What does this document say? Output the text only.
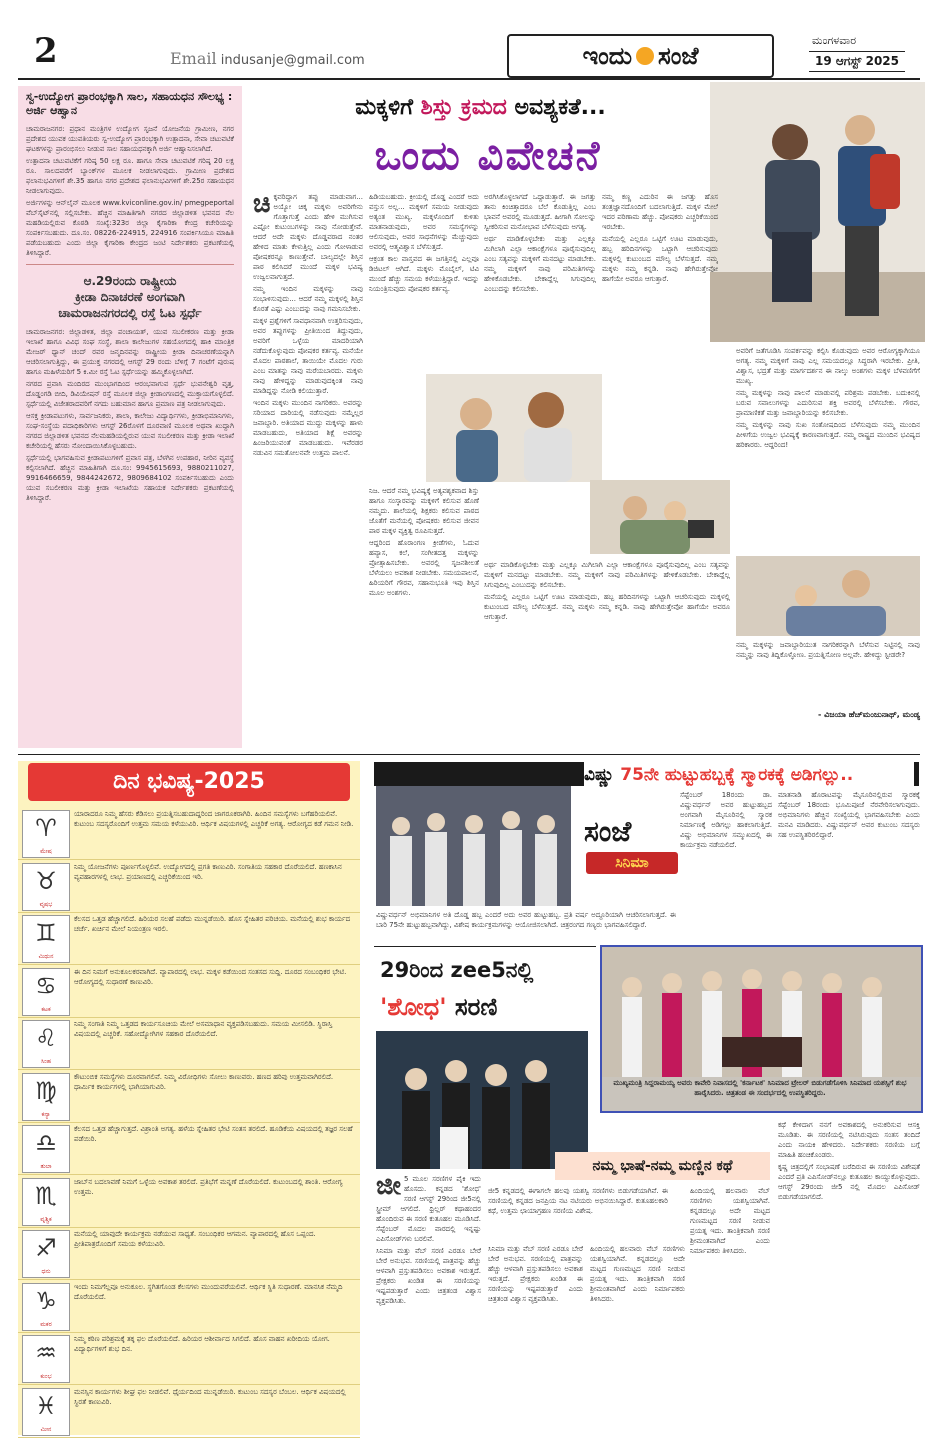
2	Email indusanje@gmail.com	ಇಂದು ಸಂಜೆ
ಮಂಗಳವಾರ
19 ಆಗಸ್ಟ್ 2025
ಸ್ವ-ಉದ್ಯೋಗ ಪ್ರಾರಂಭಕ್ಕಾಗಿ ಸಾಲ, ಸಹಾಯಧನ ಸೌಲಭ್ಯ : ಅರ್ಜಿ ಆಹ್ವಾನ

ಚಾಮರಾಜನಗರ: ಪ್ರಧಾನ ಮಂತ್ರಿಗಳ ಉದ್ಯೋಗ ಸೃಜನೆ ಯೋಜನೆಯ ಗ್ರಾಮೀಣ, ನಗರ ಪ್ರದೇಶದ ಯುವಕ ಯುವತಿಯರು ಸ್ವ-ಉದ್ಯೋಗ ಪ್ರಾರಂಭಕ್ಕಾಗಿ ಉತ್ಪಾದನಾ, ಸೇವಾ ಚಟುವಟಿಕೆ ಘಟಕಗಳನ್ನು ಪ್ರಾರಂಭಿಸಲು ನೀಡುವ ಸಾಲ ಸಹಾಯಧನಕ್ಕಾಗಿ ಅರ್ಜಿ ಆಹ್ವಾನಿಸಲಾಗಿದೆ.

ಉತ್ಪಾದನಾ ಚಟುವಟಿಕೆಗೆ ಗರಿಷ್ಠ 50 ಲಕ್ಷ ರೂ. ಹಾಗೂ ಸೇವಾ ಚಟುವಟಿಕೆ ಗರಿಷ್ಠ 20 ಲಕ್ಷ ರೂ. ಸಾಲದವರೆಗೆ ಬ್ಯಾಂಕ್‌ಗಳ ಮೂಲಕ ನೀಡಲಾಗುವುದು. ಗ್ರಾಮೀಣ ಪ್ರದೇಶದ ಫಲಾನುಭವಿಗಳಿಗೆ ಶೇ.35 ಹಾಗೂ ನಗರ ಪ್ರದೇಶದ ಫಲಾನುಭವಿಗಳಿಗೆ ಶೇ.25ರ ಸಹಾಯಧನ ನೀಡಲಾಗುವುದು.

ಅರ್ಜಿಗಳನ್ನು ಆನ್‌ಲೈನ್ ಮೂಲಕ www.kviconline.gov.in/ pmegpeportal ವೆಬ್‌ಸೈಟ್‌ನಲ್ಲಿ ಸಲ್ಲಿಸಬೇಕು. ಹೆಚ್ಚಿನ ಮಾಹಿತಿಗಾಗಿ ನಗರದ ಜಿಲ್ಲಾಡಳಿತ ಭವನದ ನೆಲ ಮಹಡಿಯಲ್ಲಿರುವ ಕೊಠಡಿ ಸಂಖ್ಯೆ:323ರ ಜಿಲ್ಲಾ ಕೈಗಾರಿಕಾ ಕೇಂದ್ರ ಕಚೇರಿಯನ್ನು ಸಂಪರ್ಕಿಸಬಹುದು. ದೂ.ಸಂ. 08226-224915, 224916 ಸಂಪರ್ಕಿಸಿಯೂ ಮಾಹಿತಿ ಪಡೆಯಬಹುದು ಎಂದು ಜಿಲ್ಲಾ ಕೈಗಾರಿಕಾ ಕೇಂದ್ರದ ಜಂಟಿ ನಿರ್ದೇಶಕರು ಪ್ರಕಟಣೆಯಲ್ಲಿ ತಿಳಿಸಿದ್ದಾರೆ.

ಆ.29ರಂದು ರಾಷ್ಟ್ರೀಯ
ಕ್ರೀಡಾ ದಿನಾಚರಣೆ ಅಂಗವಾಗಿ
ಚಾಮರಾಜನಗರದಲ್ಲಿ ರಸ್ತೆ ಓಟ ಸ್ಪರ್ಧೆ

ಚಾಮರಾಜನಗರ: ಜಿಲ್ಲಾಡಳಿತ, ಜಿಲ್ಲಾ ಪಂಚಾಯತ್, ಯುವ ಸಬಲೀಕರಣ ಮತ್ತು ಕ್ರೀಡಾ ಇಲಾಖೆ ಹಾಗೂ ವಿವಿಧ ಸಂಘ ಸಂಸ್ಥೆ, ಶಾಲಾ ಕಾಲೇಜುಗಳ ಸಹಯೋಗದಲ್ಲಿ ಹಾಕಿ ಮಾಂತ್ರಿಕ ಮೇಜರ್ ಧ್ಯಾನ್ ಚಂದ್ ರವರ ಜನ್ಮದಿನವನ್ನು ರಾಷ್ಟ್ರೀಯ ಕ್ರೀಡಾ ದಿನಾಚರಣೆಯನ್ನಾಗಿ ಆಚರಿಸಲಾಗುತ್ತಿದ್ದು, ಈ ಪ್ರಯುಕ್ತ ನಗರದಲ್ಲಿ ಆಗಸ್ಟ್ 29 ರಂದು ಬೆಳಿಗ್ಗೆ 7 ಗಂಟೆಗೆ ಪುರುಷ ಹಾಗೂ ಮಹಿಳೆಯರಿಗೆ 5 ಕಿ.ಮೀ ರಸ್ತೆ ಓಟ ಸ್ಪರ್ಧೆಯನ್ನು ಹಮ್ಮಿಕೊಳ್ಳಲಾಗಿದೆ.

ನಗರದ ಪ್ರವಾಸಿ ಮಂದಿರದ ಮುಂಭಾಗದಿಂದ ಆರಂಭವಾಗುವ ಸ್ಪರ್ಧೆ ಭುವನೇಶ್ವರಿ ವೃತ್ತ, ದೊಡ್ಡಂಗಡಿ ಬೀದಿ, ಡಿವಿಯೇಷನ್ ರಸ್ತೆ ಮೂಲಕ ಜಿಲ್ಲಾ ಕ್ರೀಡಾಂಗಣದಲ್ಲಿ ಮುಕ್ತಾಯಗೊಳ್ಳಲಿದೆ. ಸ್ಪರ್ಧೆಯಲ್ಲಿ ವಿಜೇತರಾದವರಿಗೆ ನಗದು ಬಹುಮಾನ ಹಾಗೂ ಪ್ರಮಾಣ ಪತ್ರ ನೀಡಲಾಗುವುದು.

ಆಸಕ್ತ ಕ್ರೀಡಾಪಟುಗಳು, ಸಾರ್ವಜನಿಕರು, ಶಾಲಾ, ಕಾಲೇಜು ವಿದ್ಯಾರ್ಥಿಗಳು, ಕ್ರೀಡಾಭಿಮಾನಿಗಳು, ಸಂಘ-ಸಂಸ್ಥೆಯ ಪದಾಧಿಕಾರಿಗಳು ಆಗಸ್ಟ್ 26ರೊಳಗೆ ದೂರವಾಣಿ ಮೂಲಕ ಅಥವಾ ಖುದ್ದಾಗಿ ನಗರದ ಜಿಲ್ಲಾಡಳಿತ ಭವನದ ನೆಲಮಹಡಿಯಲ್ಲಿರುವ ಯುವ ಸಬಲೀಕರಣ ಮತ್ತು ಕ್ರೀಡಾ ಇಲಾಖೆ ಕಚೇರಿಯಲ್ಲಿ ಹೆಸರು ನೋಂದಾಯಿಸಿಕೊಳ್ಳಬಹುದು.

ಸ್ಪರ್ಧೆಯಲ್ಲಿ ಭಾಗವಹಿಸುವ ಕ್ರೀಡಾಪಟುಗಳಿಗೆ ಪ್ರವಾಸ ಪತ್ರ, ಬೆಳಗಿನ ಉಪಹಾರ, ನೀರಿನ ವ್ಯವಸ್ಥೆ ಕಲ್ಪಿಸಲಾಗಿದೆ. ಹೆಚ್ಚಿನ ಮಾಹಿತಿಗಾಗಿ ದೂ.ಸಂ: 9945615693, 9880211027, 9916466659, 9844242672, 9809684102 ಸಂಪರ್ಕಿಸಬಹುದು ಎಂದು ಯುವ ಸಬಲೀಕರಣ ಮತ್ತು ಕ್ರೀಡಾ ಇಲಾಖೆಯ ಸಹಾಯಕ ನಿರ್ದೇಶಕರು ಪ್ರಕಟಣೆಯಲ್ಲಿ ತಿಳಿಸಿದ್ದಾರೆ.

ಮಕ್ಕಳಿಗೆ ಶಿಸ್ತು ಕ್ರಮದ ಅವಶ್ಯಕತೆ...
ಒಂದು ವಿವೇಚನೆ

ಚಿಕ್ಕವರಿದ್ದಾಗ ತಪ್ಪು ಮಾಡುವಾಗ... ಅಯ್ಯೋ ಚಿಕ್ಕ ಮಕ್ಕಳು ಅವರಿಗೇನು ಗೊತ್ತಾಗುತ್ತೆ ಎಂದು ಹೇಳಿ ಮುಗಿಸುವ ಎಷ್ಟೋ ಕುಟುಂಬಗಳನ್ನು ನಾವು ನೋಡುತ್ತೇವೆ. ಆದರೆ ಅದೇ ಮಕ್ಕಳು ದೊಡ್ಡವರಾದ ನಂತರ ಹೇಳಿದ ಮಾತು ಕೇಳುತ್ತಿಲ್ಲ ಎಂದು ಗೋಳಾಡುವ ಪೋಷಕರನ್ನೂ ಕಾಣುತ್ತೇವೆ. ಬಾಲ್ಯದಲ್ಲೇ ಶಿಸ್ತಿನ ಪಾಠ ಕಲಿಸಿದರೆ ಮುಂದೆ ಮಕ್ಕಳ ಭವಿಷ್ಯ ಉಜ್ವಲವಾಗುತ್ತದೆ.

ನಮ್ಮ ಇಂದಿನ ಮಕ್ಕಳನ್ನು ನಾವು ಸಂಭಾಳಿಸುವುದು... ಆದರೆ ನಮ್ಮ ಮಕ್ಕಳಲ್ಲಿ ಶಿಸ್ತಿನ ಕೊರತೆ ಎಷ್ಟು ಎಂಬುದನ್ನು ನಾವು ಗಮನಿಸಬೇಕು.

ಮಕ್ಕಳ ಪ್ರಶ್ನೆಗಳಿಗೆ ಸಾವಧಾನವಾಗಿ ಉತ್ತರಿಸುವುದು, ಅವರ ತಪ್ಪುಗಳನ್ನು ಪ್ರೀತಿಯಿಂದ ತಿದ್ದುವುದು, ಅವರಿಗೆ ಒಳ್ಳೆಯ ಮಾದರಿಯಾಗಿ ನಡೆದುಕೊಳ್ಳುವುದು ಪೋಷಕರ ಕರ್ತವ್ಯ. ಮನೆಯೇ ಮೊದಲ ಪಾಠಶಾಲೆ, ತಾಯಿಯೇ ಮೊದಲ ಗುರು ಎಂಬ ಮಾತನ್ನು ನಾವು ಮರೆಯಬಾರದು. ಮಕ್ಕಳು ನಾವು ಹೇಳಿದ್ದನ್ನು ಮಾಡುವುದಕ್ಕಿಂತ ನಾವು ಮಾಡಿದ್ದನ್ನು ನೋಡಿ ಕಲಿಯುತ್ತಾರೆ.

ಇಂದಿನ ಮಕ್ಕಳು ಮುಂದಿನ ನಾಗರಿಕರು. ಅವರನ್ನು ಸರಿಯಾದ ದಾರಿಯಲ್ಲಿ ನಡೆಸುವುದು ನಮ್ಮೆಲ್ಲರ ಜವಾಬ್ದಾರಿ. ಅತಿಯಾದ ಮುದ್ದು ಮಕ್ಕಳನ್ನು ಹಾಳು ಮಾಡಬಹುದು, ಅತಿಯಾದ ಶಿಕ್ಷೆ ಅವರನ್ನು ಹಿಂಜರಿಯುವಂತೆ ಮಾಡಬಹುದು. ಇವೆರಡರ ನಡುವಿನ ಸಮತೋಲನವೇ ಉತ್ತಮ ಪಾಲನೆ.

ಹಿಡಿಯಬಹುದು. ಕ್ರೀಯಲ್ಲಿ ದೊಡ್ಡ ಎಂದರೆ ಅದು ವಸ್ತುಸ ಅಲ್ಲ... ಮಕ್ಕಳಿಗೆ ಸಮಯ ನೀಡುವುದು ಅತ್ಯಂತ ಮುಖ್ಯ. ಮಕ್ಕಳೊಂದಿಗೆ ಕುಳಿತು ಮಾತನಾಡುವುದು, ಅವರ ಸಮಸ್ಯೆಗಳನ್ನು ಆಲಿಸುವುದು, ಅವರ ಸಾಧನೆಗಳನ್ನು ಮೆಚ್ಚುವುದು ಅವರಲ್ಲಿ ಆತ್ಮವಿಶ್ವಾಸ ಬೆಳೆಸುತ್ತದೆ.

ಆಕ್ರಂತ ಕಾಲ ವಾಸ್ತವದ ಈ ಜಗತ್ತಿನಲ್ಲಿ ಎಲ್ಲವೂ ಡಿಜಿಟಲ್ ಆಗಿದೆ. ಮಕ್ಕಳು ಮೊಬೈಲ್, ಟಿವಿ ಮುಂದೆ ಹೆಚ್ಚು ಸಮಯ ಕಳೆಯುತ್ತಿದ್ದಾರೆ. ಇದನ್ನು ನಿಯಂತ್ರಿಸುವುದು ಪೋಷಕರ ಕರ್ತವ್ಯ.

ನಿಜ. ಆದರೆ ನಮ್ಮ ಭವಿಷ್ಯಕ್ಕೆ ಅತ್ಯವಶ್ಯಕವಾದ ಶಿಸ್ತು ಹಾಗೂ ಸಂಸ್ಕಾರವನ್ನು ಮಕ್ಕಳಿಗೆ ಕಲಿಸುವ ಹೊಣೆ ನಮ್ಮದು. ಶಾಲೆಯಲ್ಲಿ ಶಿಕ್ಷಕರು ಕಲಿಸುವ ಪಾಠದ ಜೊತೆಗೆ ಮನೆಯಲ್ಲಿ ಪೋಷಕರು ಕಲಿಸುವ ಜೀವನ ಪಾಠ ಮಕ್ಕಳ ವ್ಯಕ್ತಿತ್ವ ರೂಪಿಸುತ್ತದೆ.

ಆದ್ದರಿಂದ ಹೊರಾಂಗಣ ಕ್ರೀಡೆಗಳು, ಓದುವ ಹವ್ಯಾಸ, ಕಲೆ, ಸಂಗೀತದತ್ತ ಮಕ್ಕಳನ್ನು ಪ್ರೋತ್ಸಾಹಿಸಬೇಕು. ಅವರಲ್ಲಿ ಸೃಜನಶೀಲತೆ ಬೆಳೆಯಲು ಅವಕಾಶ ನೀಡಬೇಕು. ಸಮಯಪಾಲನೆ, ಹಿರಿಯರಿಗೆ ಗೌರವ, ಸಹಾನುಭೂತಿ ಇವು ಶಿಸ್ತಿನ ಮೂಲ ಅಂಶಗಳು.

ಅರಗಿಸಿಕೊಳ್ಳಲಾಗದೆ ಒದ್ದಾಡುತ್ತಾರೆ. ಈ ಜಗತ್ತು ತಾನು ಕಿಂಚಿತ್ತಾದರೂ ಬೆಲೆ ಕೊಡುತ್ತಿಲ್ಲ ಎಂಬ ಭಾವನೆ ಅವರಲ್ಲಿ ಮೂಡುತ್ತದೆ. ಹೀಗಾಗಿ ಸೋಲನ್ನು ಸ್ವೀಕರಿಸುವ ಮನೋಭಾವ ಬೆಳೆಸುವುದು ಅಗತ್ಯ.

ಅರ್ಥ ಮಾಡಿಕೊಳ್ಳಬೇಕು ಮತ್ತು ಎಲ್ಲಕ್ಕೂ ಮಿಗಿಲಾಗಿ ಎಲ್ಲಾ ಆಕಾಂಕ್ಷೆಗಳೂ ಪೂರೈಸುವುದಿಲ್ಲ ಎಂಬ ಸತ್ಯವನ್ನು ಮಕ್ಕಳಿಗೆ ಮನದಟ್ಟು ಮಾಡಬೇಕು. ನಮ್ಮ ಮಕ್ಕಳಿಗೆ ನಾವು ಪರಿಮಿತಿಗಳನ್ನು ಹೇಳಿಕೊಡಬೇಕು. ಬೇಕಾದ್ದೆಲ್ಲ ಸಿಗುವುದಿಲ್ಲ ಎಂಬುದನ್ನು ಕಲಿಸಬೇಕು.

ನಮ್ಮ ಕಣ್ಣ ಎದುರಿನ ಈ ಜಗತ್ತು ಹೊಸ ತಂತ್ರಜ್ಞಾನದೊಂದಿಗೆ ಬದಲಾಗುತ್ತಿದೆ. ಮಕ್ಕಳ ಮೇಲೆ ಇದರ ಪರಿಣಾಮ ಹೆಚ್ಚು. ಪೋಷಕರು ಎಚ್ಚರಿಕೆಯಿಂದ ಇರಬೇಕು.

ಮನೆಯಲ್ಲಿ ಎಲ್ಲರೂ ಒಟ್ಟಿಗೆ ಊಟ ಮಾಡುವುದು, ಹಬ್ಬ ಹರಿದಿನಗಳನ್ನು ಒಟ್ಟಾಗಿ ಆಚರಿಸುವುದು ಮಕ್ಕಳಲ್ಲಿ ಕುಟುಂಬದ ಮೌಲ್ಯ ಬೆಳೆಸುತ್ತದೆ. ನಮ್ಮ ಮಕ್ಕಳು ನಮ್ಮ ಕನ್ನಡಿ. ನಾವು ಹೇಗಿರುತ್ತೇವೋ ಹಾಗೆಯೇ ಅವರೂ ಆಗುತ್ತಾರೆ.

ಅರ್ಥ ಮಾಡಿಕೊಳ್ಳಬೇಕು ಮತ್ತು ಎಲ್ಲಕ್ಕೂ ಮಿಗಿಲಾಗಿ ಎಲ್ಲಾ ಆಕಾಂಕ್ಷೆಗಳೂ ಪೂರೈಸುವುದಿಲ್ಲ ಎಂಬ ಸತ್ಯವನ್ನು ಮಕ್ಕಳಿಗೆ ಮನದಟ್ಟು ಮಾಡಬೇಕು. ನಮ್ಮ ಮಕ್ಕಳಿಗೆ ನಾವು ಪರಿಮಿತಿಗಳನ್ನು ಹೇಳಿಕೊಡಬೇಕು. ಬೇಕಾದ್ದೆಲ್ಲ ಸಿಗುವುದಿಲ್ಲ ಎಂಬುದನ್ನು ಕಲಿಸಬೇಕು.

ಮನೆಯಲ್ಲಿ ಎಲ್ಲರೂ ಒಟ್ಟಿಗೆ ಊಟ ಮಾಡುವುದು, ಹಬ್ಬ ಹರಿದಿನಗಳನ್ನು ಒಟ್ಟಾಗಿ ಆಚರಿಸುವುದು ಮಕ್ಕಳಲ್ಲಿ ಕುಟುಂಬದ ಮೌಲ್ಯ ಬೆಳೆಸುತ್ತದೆ. ನಮ್ಮ ಮಕ್ಕಳು ನಮ್ಮ ಕನ್ನಡಿ. ನಾವು ಹೇಗಿರುತ್ತೇವೋ ಹಾಗೆಯೇ ಅವರೂ ಆಗುತ್ತಾರೆ.

ಅವರಿಗೆ ಜತೆಗೂಡಿಸಿ ಸಂಪರ್ಕವನ್ನು ಕಲ್ಪಿಸಿ ಕೊಡುವುದು ಅವರ ಆರೋಗ್ಯಕ್ಕಾಗಿಯೂ ಅಗತ್ಯ. ನಮ್ಮ ಮಕ್ಕಳಿಗೆ ನಾವು ಎಲ್ಲ ಸಮಯದಲ್ಲೂ ಸಿದ್ಧರಾಗಿ ಇರಬೇಕು. ಪ್ರೀತಿ, ವಿಶ್ವಾಸ, ಭದ್ರತೆ ಮತ್ತು ಮಾರ್ಗದರ್ಶನ ಈ ನಾಲ್ಕು ಅಂಶಗಳು ಮಕ್ಕಳ ಬೆಳವಣಿಗೆಗೆ ಮುಖ್ಯ.

ನಮ್ಮ ಮಕ್ಕಳನ್ನು ನಾವು ಪಾಲನೆ ಮಾಡುವಲ್ಲಿ ಪರಿಶ್ರಮ ಪಡಬೇಕು. ಬದುಕಿನಲ್ಲಿ ಬರುವ ಸವಾಲುಗಳನ್ನು ಎದುರಿಸುವ ಶಕ್ತಿ ಅವರಲ್ಲಿ ಬೆಳೆಸಬೇಕು. ಗೌರವ, ಪ್ರಾಮಾಣಿಕತೆ ಮತ್ತು ಜವಾಬ್ದಾರಿಯನ್ನು ಕಲಿಸಬೇಕು.

ನಮ್ಮ ಮಕ್ಕಳನ್ನು ನಾವು ಸುಖ ಸಂತೋಷದಿಂದ ಬೆಳೆಸುವುದು ನಮ್ಮ ಮುಂದಿನ ಪೀಳಿಗೆಯ ಉಜ್ವಲ ಭವಿಷ್ಯಕ್ಕೆ ಕಾರಣವಾಗುತ್ತದೆ. ನಮ್ಮ ರಾಷ್ಟ್ರದ ಮುಂದಿನ ಭವಿಷ್ಯದ ಹರಿಕಾರರು. ಆದ್ದರಿಂದ!

ನಮ್ಮ ಮಕ್ಕಳನ್ನು ಜವಾಬ್ದಾರಿಯುತ ನಾಗರಿಕರನ್ನಾಗಿ ಬೆಳೆಸುವ ನಿಟ್ಟಿನಲ್ಲಿ ನಾವು ನಮ್ಮನ್ನು ನಾವು ತಿದ್ದಿಕೊಳ್ಳೋಣ. ಪ್ರಯತ್ನಿಸೋಣ ಅಲ್ಲವೇ. ಹೇಳಿದ್ದು ಸ್ಟೀಡರೇ?

- ವಿಜಯಾ ಹೆಚ್‌ಮಂಜುನಾಥ್, ಮಂಡ್ಯ
ದಿನ ಭವಿಷ್ಯ-2025
♈
ಮೇಷ
ಯಾರಾದರೂ ನಿಮ್ಮ ಹೆಸರು ಕೆಡಿಸಲು ಪ್ರಯತ್ನಿಸಬಹುದಾದ್ದರಿಂದ ಜಾಗರೂಕರಾಗಿರಿ. ಹಿಂದಿನ ಸಮಸ್ಯೆಗಳು ಬಗೆಹರಿಯಲಿವೆ. ಕುಟುಂಬ ಸದಸ್ಯರೊಂದಿಗೆ ಉತ್ತಮ ಸಮಯ ಕಳೆಯುವಿರಿ. ಆರ್ಥಿಕ ವಿಷಯಗಳಲ್ಲಿ ಎಚ್ಚರಿಕೆ ಅಗತ್ಯ. ಆರೋಗ್ಯದ ಕಡೆ ಗಮನ ನೀಡಿ.
♉
ವೃಷಭ
ನಿಮ್ಮ ಯೋಜನೆಗಳು ಪೂರ್ಣಗೊಳ್ಳಲಿವೆ. ಉದ್ಯೋಗದಲ್ಲಿ ಪ್ರಗತಿ ಕಾಣುವಿರಿ. ಸಂಗಾತಿಯ ಸಹಕಾರ ದೊರೆಯಲಿದೆ. ಹಣಕಾಸಿನ ವ್ಯವಹಾರಗಳಲ್ಲಿ ಲಾಭ. ಪ್ರಯಾಣದಲ್ಲಿ ಎಚ್ಚರಿಕೆಯಿಂದ ಇರಿ.
♊
ಮಿಥುನ
ಕೆಲಸದ ಒತ್ತಡ ಹೆಚ್ಚಾಗಲಿದೆ. ಹಿರಿಯರ ಸಲಹೆ ಪಡೆದು ಮುನ್ನಡೆಯಿರಿ. ಹೊಸ ಸ್ನೇಹಿತರ ಪರಿಚಯ. ಮನೆಯಲ್ಲಿ ಶುಭ ಕಾರ್ಯದ ಚರ್ಚೆ. ಖರ್ಚಿನ ಮೇಲೆ ನಿಯಂತ್ರಣ ಇರಲಿ.
♋
ಕಟಕ
ಈ ದಿನ ನಿಮಗೆ ಅನುಕೂಲಕರವಾಗಿದೆ. ವ್ಯಾಪಾರದಲ್ಲಿ ಲಾಭ. ಮಕ್ಕಳ ಕಡೆಯಿಂದ ಸಂತಸದ ಸುದ್ದಿ. ದೂರದ ಸಂಬಂಧಿಕರ ಭೇಟಿ. ಆರೋಗ್ಯದಲ್ಲಿ ಸುಧಾರಣೆ ಕಾಣುವಿರಿ.
♌
ಸಿಂಹ
ನಿಮ್ಮ ಸಂಗಾತಿ ನಿಮ್ಮ ಒತ್ತಡದ ಕಾರ್ಯಸೂಚಿಯ ಮೇಲೆ ಅಸಮಾಧಾನ ವ್ಯಕ್ತಪಡಿಸಬಹುದು. ಸಮಯ ಮೀಸಲಿಡಿ. ಸ್ಥಿರಾಸ್ತಿ ವಿಷಯದಲ್ಲಿ ಎಚ್ಚರಿಕೆ. ಸಹೋದ್ಯೋಗಿಗಳ ಸಹಕಾರ ದೊರೆಯಲಿದೆ.
♍
ಕನ್ಯಾ
ಕೌಟುಂಬಿಕ ಸಮಸ್ಯೆಗಳು ದೂರವಾಗಲಿವೆ. ನಿಮ್ಮ ವಿರೋಧಿಗಳು ಸೋಲು ಕಾಣುವರು. ಹಣದ ಹರಿವು ಉತ್ತಮವಾಗಿರಲಿದೆ. ಧಾರ್ಮಿಕ ಕಾರ್ಯಗಳಲ್ಲಿ ಭಾಗಿಯಾಗುವಿರಿ.
♎
ತುಲಾ
ಕೆಲಸದ ಒತ್ತಡ ಹೆಚ್ಚಾಗುತ್ತದೆ. ವಿಶ್ರಾಂತಿ ಅಗತ್ಯ. ಹಳೆಯ ಸ್ನೇಹಿತರ ಭೇಟಿ ಸಂತಸ ತರಲಿದೆ. ಹೂಡಿಕೆಯ ವಿಷಯದಲ್ಲಿ ತಜ್ಞರ ಸಲಹೆ ಪಡೆಯಿರಿ.
♏
ವೃಶ್ಚಿಕ
ಜಾಬ್‌ನ ಬದಲಾವಣೆ ನಿಮಗೆ ಒಳ್ಳೆಯ ಅವಕಾಶ ತರಲಿದೆ. ಪ್ರತಿಭೆಗೆ ಮನ್ನಣೆ ದೊರೆಯಲಿದೆ. ಕುಟುಂಬದಲ್ಲಿ ಶಾಂತಿ. ಆರೋಗ್ಯ ಉತ್ತಮ.
♐
ಧನು
ಮನೆಯಲ್ಲಿ ಯಾವುದೇ ಕಾರ್ಯಕ್ರಮ ನಡೆಯುವ ಸಾಧ್ಯತೆ. ಸಂಬಂಧಿಕರ ಆಗಮನ. ವ್ಯಾಪಾರದಲ್ಲಿ ಹೊಸ ಒಪ್ಪಂದ. ಪ್ರೀತಿಪಾತ್ರರೊಂದಿಗೆ ಸಮಯ ಕಳೆಯುವಿರಿ.
♑
ಮಕರ
ಇಂದು ನಿಮಗೆಲ್ಲವೂ ಅನುಕೂಲ. ಸ್ಥಗಿತಗೊಂಡ ಕೆಲಸಗಳು ಮುಂದುವರೆಯಲಿವೆ. ಆರ್ಥಿಕ ಸ್ಥಿತಿ ಸುಧಾರಣೆ. ಮಾನಸಿಕ ನೆಮ್ಮದಿ ದೊರೆಯಲಿದೆ.
♒
ಕುಂಭ
ನಿಮ್ಮ ಕಠಿಣ ಪರಿಶ್ರಮಕ್ಕೆ ತಕ್ಕ ಫಲ ದೊರೆಯಲಿದೆ. ಹಿರಿಯರ ಆಶೀರ್ವಾದ ಸಿಗಲಿದೆ. ಹೊಸ ವಾಹನ ಖರೀದಿಯ ಯೋಗ. ವಿದ್ಯಾರ್ಥಿಗಳಿಗೆ ಶುಭ ದಿನ.
♓
ಮೀನ
ಮನಸ್ಸಿನ ಕಾರ್ಯಗಳು ಶೀಘ್ರ ಫಲ ನೀಡಲಿವೆ. ಧೈರ್ಯದಿಂದ ಮುನ್ನಡೆಯಿರಿ. ಕುಟುಂಬ ಸದಸ್ಯರ ಬೆಂಬಲ. ಆರ್ಥಿಕ ವಿಷಯದಲ್ಲಿ ಸ್ಥಿರತೆ ಕಾಣುವಿರಿ.
ವಿಷ್ಣು 75ನೇ ಹುಟ್ಟುಹಬ್ಬಕ್ಕೆ ಸ್ಮಾರಕಕ್ಕೆ ಅಡಿಗಲ್ಲು..
ಸಂಜೆ
ಸಿನಿಮಾ

ಸೆಪ್ಟೆಂಬರ್ 18ರಂದು ಡಾ. ವಿಷ್ಣುವರ್ಧನ್ ಅವರ ಹುಟ್ಟುಹಬ್ಬದ ಅಂಗವಾಗಿ ಮೈಸೂರಿನಲ್ಲಿ ಸ್ಮಾರಕ ನಿರ್ಮಾಣಕ್ಕೆ ಅಡಿಗಲ್ಲು ಹಾಕಲಾಗುತ್ತಿದೆ. ವಿಷ್ಣು ಅಭಿಮಾನಿಗಳ ಸಮ್ಮುಖದಲ್ಲಿ ಈ ಕಾರ್ಯಕ್ರಮ ನಡೆಯಲಿದೆ.

ವಿಷ್ಣುವರ್ಧನ್ ಅಭಿಮಾನಿಗಳ ಅತಿ ದೊಡ್ಡ ಹಬ್ಬ ಎಂದರೆ ಅದು ಅವರ ಹುಟ್ಟುಹಬ್ಬ. ಪ್ರತಿ ವರ್ಷ ಅದ್ದೂರಿಯಾಗಿ ಆಚರಿಸಲಾಗುತ್ತದೆ. ಈ ಬಾರಿ 75ನೇ ಹುಟ್ಟುಹಬ್ಬವಾಗಿದ್ದು, ವಿಶೇಷ ಕಾರ್ಯಕ್ರಮಗಳನ್ನು ಆಯೋಜಿಸಲಾಗಿದೆ. ಚಿತ್ರರಂಗದ ಗಣ್ಯರು ಭಾಗವಹಿಸಲಿದ್ದಾರೆ.

ಮಾತನಾಡಿ ಹೊರಾಟವನ್ನು ಮೈಸೂರಿನಲ್ಲಿರುವ ಸ್ಮಾರಕಕ್ಕೆ ಸೆಪ್ಟೆಂಬರ್ 18ರಂದು ಭೂಮಿಪೂಜೆ ನೆರವೇರಿಸಲಾಗುವುದು. ಅಭಿಮಾನಿಗಳು ಹೆಚ್ಚಿನ ಸಂಖ್ಯೆಯಲ್ಲಿ ಭಾಗವಹಿಸಬೇಕು ಎಂದು ಮನವಿ ಮಾಡಿದರು. ವಿಷ್ಣುವರ್ಧನ್ ಅವರ ಕುಟುಂಬ ಸದಸ್ಯರು ಸಹ ಉಪಸ್ಥಿತರಿರಲಿದ್ದಾರೆ.

29ರಿಂದ zee5ನಲ್ಲಿ
'ಶೋಧ' ಸರಣಿ
ಮುಖ್ಯಮಂತ್ರಿ ಸಿದ್ದರಾಮಯ್ಯ ಅವರು ಕಾವೇರಿ ನಿವಾಸದಲ್ಲಿ 'ಕರ್ನಾಟಕ' ಸಿನಿಮಾದ ಟ್ರೇಲರ್ ಬಿಡುಗಡೆಗೊಳಿಸಿ ಸಿನಿಮಾದ ಯಶಸ್ಸಿಗೆ ಶುಭ ಹಾರೈಸಿದರು. ಚಿತ್ರತಂಡ ಈ ಸಂದರ್ಭದಲ್ಲಿ ಉಪಸ್ಥಿತರಿದ್ದರು.
ನಮ್ಮ ಭಾಷೆ-ನಮ್ಮ ಮಣ್ಣಿನ ಕಥೆ

ಜೀ 5 ಮೂಲ ಸರಣಿಗಳ ಪೈಕಿ ಇದು ಹೊಸದು. ಕನ್ನಡದ 'ಶೋಧ' ಸರಣಿ ಆಗಸ್ಟ್ 29ರಿಂದ ಜೀ5ನಲ್ಲಿ ಸ್ಟ್ರೀಮ್ ಆಗಲಿದೆ. ಥ್ರಿಲ್ಲರ್ ಕಥಾಹಂದರ ಹೊಂದಿರುವ ಈ ಸರಣಿ ಕುತೂಹಲ ಮೂಡಿಸಿದೆ. ಸೆಪ್ಟೆಂಬರ್ ಮೊದಲ ವಾರದಲ್ಲಿ ಇನ್ನಷ್ಟು ಎಪಿಸೋಡ್‌ಗಳು ಬರಲಿವೆ.

ಸಿನಿಮಾ ಮತ್ತು ವೆಬ್ ಸರಣಿ ಎರಡೂ ಬೇರೆ ಬೇರೆ ಅನುಭವ. ಸರಣಿಯಲ್ಲಿ ಪಾತ್ರವನ್ನು ಹೆಚ್ಚು ಆಳವಾಗಿ ಪ್ರಸ್ತುತಪಡಿಸಲು ಅವಕಾಶ ಇರುತ್ತದೆ. ಪ್ರೇಕ್ಷಕರು ಖಂಡಿತ ಈ ಸರಣಿಯನ್ನು ಇಷ್ಟಪಡುತ್ತಾರೆ ಎಂದು ಚಿತ್ರತಂಡ ವಿಶ್ವಾಸ ವ್ಯಕ್ತಪಡಿಸಿತು.

ಜೀ5 ಕನ್ನಡದಲ್ಲಿ ಈಗಾಗಲೇ ಹಲವು ಯಶಸ್ವಿ ಸರಣಿಗಳು ಬಿಡುಗಡೆಯಾಗಿವೆ. ಈ ಸರಣಿಯಲ್ಲಿ ಕನ್ನಡದ ಜನಪ್ರಿಯ ನಟ ನಟಿಯರು ಅಭಿನಯಿಸಿದ್ದಾರೆ. ಕುತೂಹಲಕಾರಿ ಕಥೆ, ಉತ್ತಮ ಛಾಯಾಗ್ರಹಣ ಸರಣಿಯ ವಿಶೇಷ.

ಸಿನಿಮಾ ಮತ್ತು ವೆಬ್ ಸರಣಿ ಎರಡೂ ಬೇರೆ ಬೇರೆ ಅನುಭವ. ಸರಣಿಯಲ್ಲಿ ಪಾತ್ರವನ್ನು ಹೆಚ್ಚು ಆಳವಾಗಿ ಪ್ರಸ್ತುತಪಡಿಸಲು ಅವಕಾಶ ಇರುತ್ತದೆ. ಪ್ರೇಕ್ಷಕರು ಖಂಡಿತ ಈ ಸರಣಿಯನ್ನು ಇಷ್ಟಪಡುತ್ತಾರೆ ಎಂದು ಚಿತ್ರತಂಡ ವಿಶ್ವಾಸ ವ್ಯಕ್ತಪಡಿಸಿತು.

ಹಿಂದಿಯಲ್ಲಿ ಹಲವಾರು ವೆಬ್ ಸರಣಿಗಳು ಯಶಸ್ವಿಯಾಗಿವೆ. ಕನ್ನಡದಲ್ಲೂ ಅದೇ ಮಟ್ಟದ ಗುಣಮಟ್ಟದ ಸರಣಿ ನೀಡುವ ಪ್ರಯತ್ನ ಇದು. ತಾಂತ್ರಿಕವಾಗಿ ಸರಣಿ ಶ್ರೀಮಂತವಾಗಿದೆ ಎಂದು ನಿರ್ಮಾಪಕರು ತಿಳಿಸಿದರು.

ಹಿಂದಿಯಲ್ಲಿ ಹಲವಾರು ವೆಬ್ ಸರಣಿಗಳು ಯಶಸ್ವಿಯಾಗಿವೆ. ಕನ್ನಡದಲ್ಲೂ ಅದೇ ಮಟ್ಟದ ಗುಣಮಟ್ಟದ ಸರಣಿ ನೀಡುವ ಪ್ರಯತ್ನ ಇದು. ತಾಂತ್ರಿಕವಾಗಿ ಸರಣಿ ಶ್ರೀಮಂತವಾಗಿದೆ ಎಂದು ನಿರ್ಮಾಪಕರು ತಿಳಿಸಿದರು.

ಕಥೆ ಕೇಳಿದಾಗ ನನಗೆ ಅವಕಾಶದಲ್ಲಿ ಅನುಕರಿಸುವ ಆಸಕ್ತಿ ಮೂಡಿತು. ಈ ಸರಣಿಯಲ್ಲಿ ನಟಿಸಿರುವುದು ಸಂತಸ ತಂದಿದೆ ಎಂದು ನಾಯಕಿ ಹೇಳಿದರು. ನಿರ್ದೇಶಕರು ಸರಣಿಯ ಬಗ್ಗೆ ಮಾಹಿತಿ ಹಂಚಿಕೊಂಡರು.

ಕೃಷ್ಣ ಚಿತ್ರದಲ್ಲಿಗೆ ಸಂಭಾಷಣೆ ಬರೆದಿರುವ ಈ ಸರಣಿಯ ವಿಶೇಷತೆ ಎಂದರೆ ಪ್ರತಿ ಎಪಿಸೋಡ್‌ನಲ್ಲೂ ಕುತೂಹಲ ಕಾಯ್ದುಕೊಳ್ಳುವುದು. ಆಗಸ್ಟ್ 29ರಂದು ಜೀ5 ನಲ್ಲಿ ಮೊದಲ ಎಪಿಸೋಡ್ ಬಿಡುಗಡೆಯಾಗಲಿದೆ.
